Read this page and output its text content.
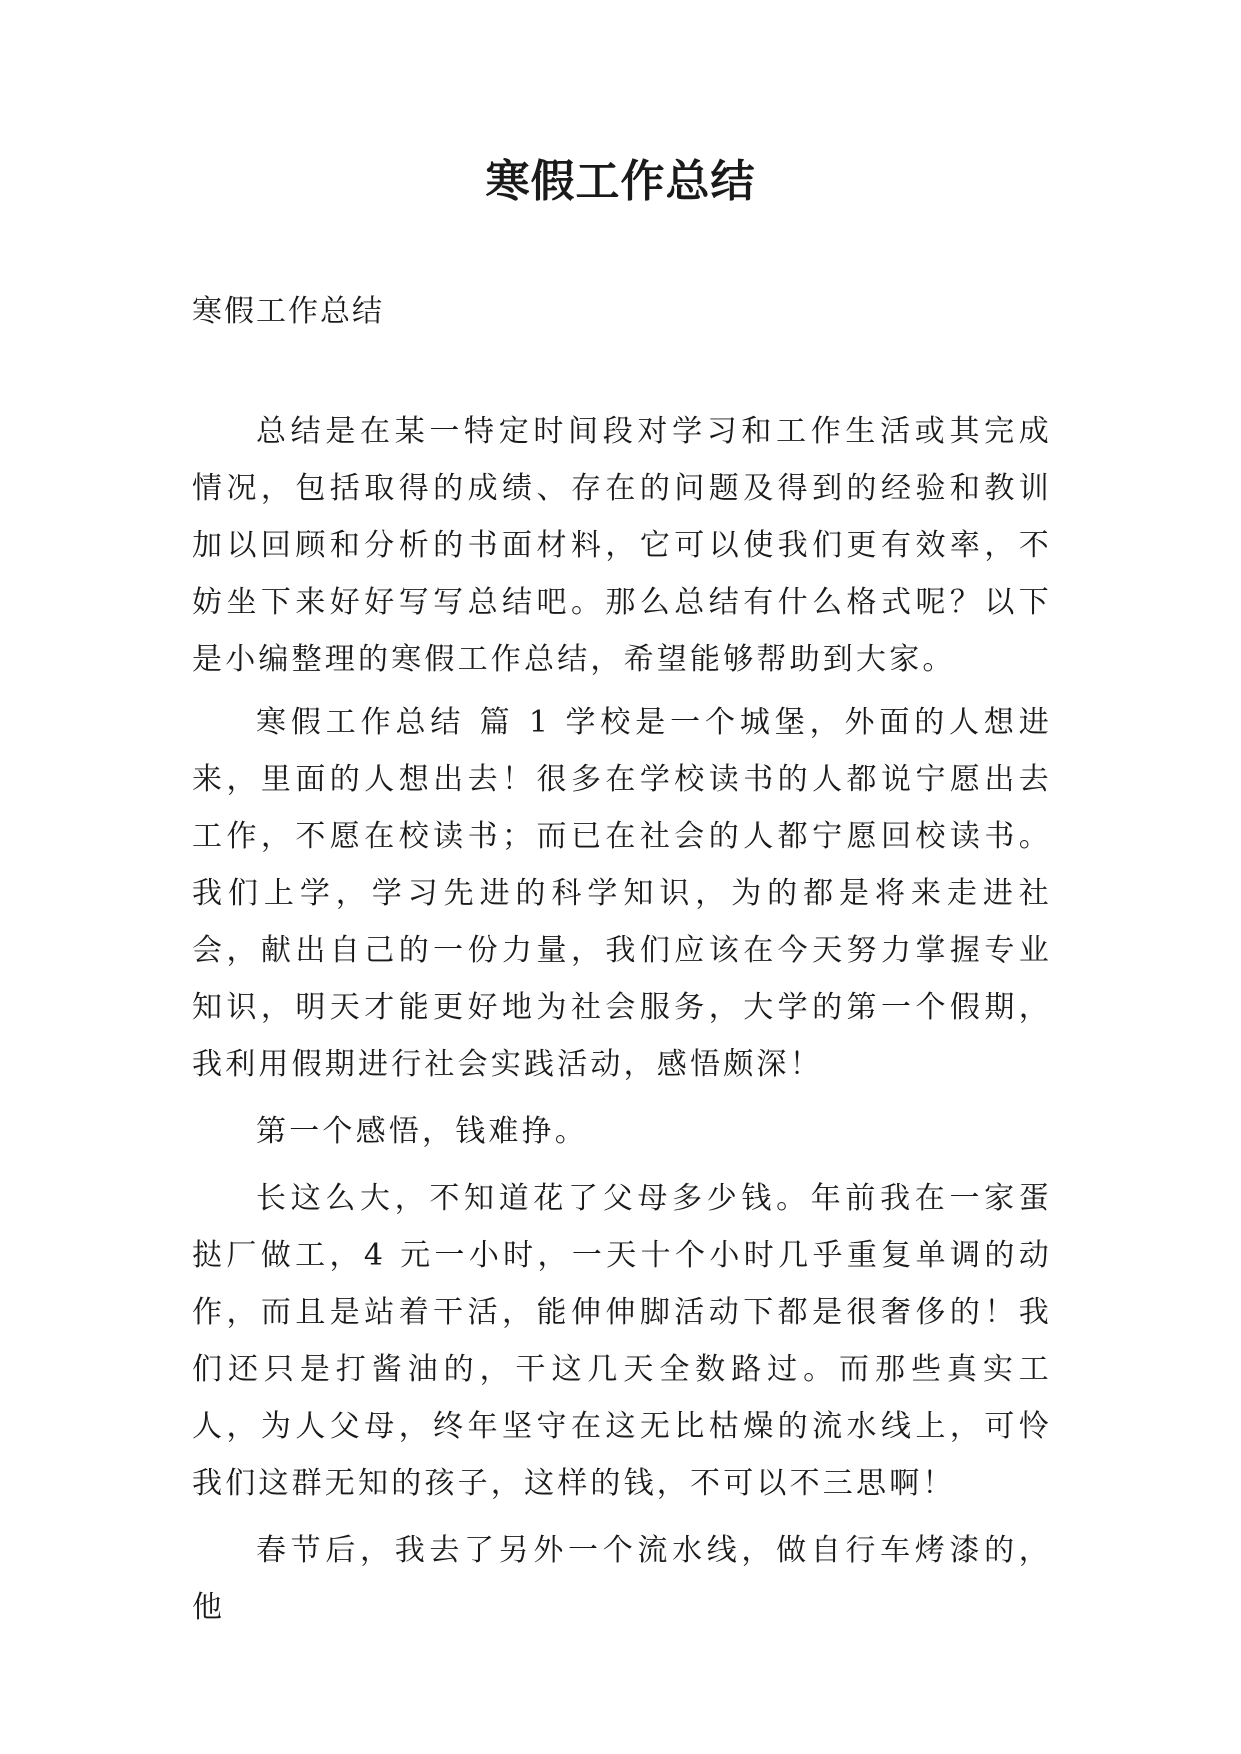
寒假工作总结

寒假工作总结

总结是在某一特定时间段对学习和工作生活或其完成情况，包括取得的成绩、存在的问题及得到的经验和教训加以回顾和分析的书面材料，它可以使我们更有效率，不妨坐下来好好写写总结吧。那么总结有什么格式呢？以下是小编整理的寒假工作总结，希望能够帮助到大家。

寒假工作总结 篇 1 学校是一个城堡，外面的人想进来，里面的人想出去！很多在学校读书的人都说宁愿出去工作，不愿在校读书；而已在社会的人都宁愿回校读书。我们上学，学习先进的科学知识，为的都是将来走进社会，献出自己的一份力量，我们应该在今天努力掌握专业知识，明天才能更好地为社会服务，大学的第一个假期，我利用假期进行社会实践活动，感悟颇深！

第一个感悟，钱难挣。

长这么大，不知道花了父母多少钱。年前我在一家蛋挞厂做工，4 元一小时，一天十个小时几乎重复单调的动作，而且是站着干活，能伸伸脚活动下都是很奢侈的！我们还只是打酱油的，干这几天全数路过。而那些真实工人，为人父母，终年坚守在这无比枯燥的流水线上，可怜我们这群无知的孩子，这样的钱，不可以不三思啊！

春节后，我去了另外一个流水线，做自行车烤漆的，他
